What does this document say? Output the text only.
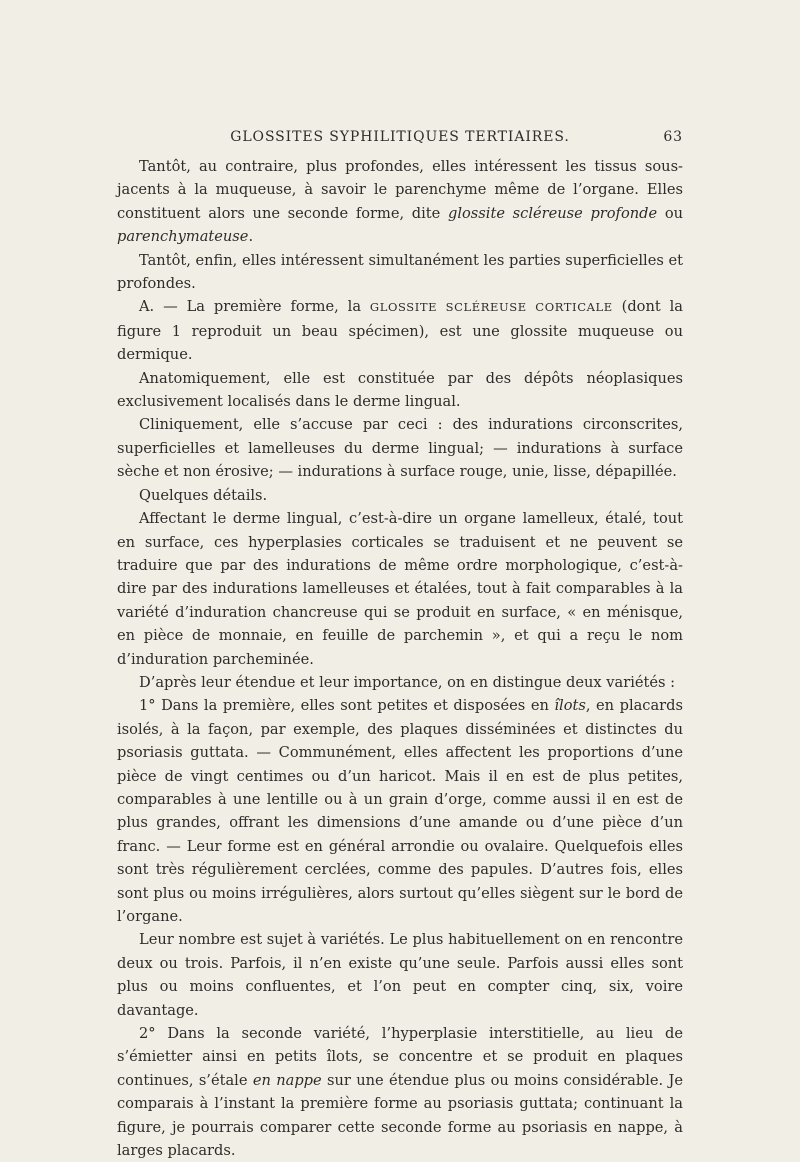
GLOSSITES SYPHILITIQUES TERTIAIRES.	63

Tantôt, au contraire, plus profondes, elles intéressent les tissus sous-jacents à la muqueuse, à savoir le parenchyme même de l’organe. Elles constituent alors une seconde forme, dite glossite scléreuse profonde ou parenchymateuse.

Tantôt, enfin, elles intéressent simultanément les parties superficielles et profondes.

A. — La première forme, la GLOSSITE SCLÉREUSE CORTICALE (dont la figure 1 reproduit un beau spécimen), est une glossite muqueuse ou dermique.

Anatomiquement, elle est constituée par des dépôts néoplasiques exclusivement localisés dans le derme lingual.

Cliniquement, elle s’accuse par ceci : des indurations circonscrites, superficielles et lamelleuses du derme lingual; — indurations à surface sèche et non érosive; — indurations à surface rouge, unie, lisse, dépapillée.

Quelques détails.

Affectant le derme lingual, c’est-à-dire un organe lamelleux, étalé, tout en surface, ces hyperplasies corticales se traduisent et ne peuvent se traduire que par des indurations de même ordre morphologique, c’est-à-dire par des indurations lamelleuses et étalées, tout à fait comparables à la variété d’induration chancreuse qui se produit en surface, « en ménisque, en pièce de monnaie, en feuille de parchemin », et qui a reçu le nom d’induration parcheminée.

D’après leur étendue et leur importance, on en distingue deux variétés :

1° Dans la première, elles sont petites et disposées en îlots, en placards isolés, à la façon, par exemple, des plaques disséminées et distinctes du psoriasis guttata. — Communément, elles affectent les proportions d’une pièce de vingt centimes ou d’un haricot. Mais il en est de plus petites, comparables à une lentille ou à un grain d’orge, comme aussi il en est de plus grandes, offrant les dimensions d’une amande ou d’une pièce d’un franc. — Leur forme est en général arrondie ou ovalaire. Quelquefois elles sont très régulièrement cerclées, comme des papules. D’autres fois, elles sont plus ou moins irrégulières, alors surtout qu’elles siègent sur le bord de l’organe.

Leur nombre est sujet à variétés. Le plus habituellement on en rencontre deux ou trois. Parfois, il n’en existe qu’une seule. Parfois aussi elles sont plus ou moins confluentes, et l’on peut en compter cinq, six, voire davantage.

2° Dans la seconde variété, l’hyperplasie interstitielle, au lieu de s’émietter ainsi en petits îlots, se concentre et se produit en plaques continues, s’étale en nappe sur une étendue plus ou moins considérable. Je comparais à l’instant la première forme au psoriasis guttata; continuant la figure, je pourrais comparer cette seconde forme au psoriasis en nappe, à larges placards.
